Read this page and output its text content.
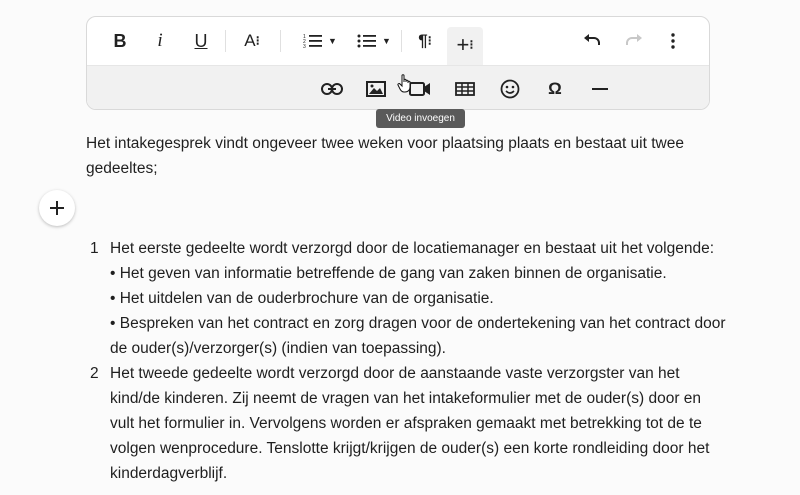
B i U A ⁝	1
2
3
▼	▼ ¶ ⁝ + ⁝
Ω
Video invoegen
Het intakegesprek vindt ongeveer twee weken voor plaatsing plaats en bestaat uit twee gedeeltes;
1 Het eerste gedeelte wordt verzorgd door de locatiemanager en bestaat uit het volgende:
• Het geven van informatie betreffende de gang van zaken binnen de organisatie.
• Het uitdelen van de ouderbrochure van de organisatie.
• Bespreken van het contract en zorg dragen voor de ondertekening van het contract door de ouder(s)/verzorger(s) (indien van toepassing).
2 Het tweede gedeelte wordt verzorgd door de aanstaande vaste verzorgster van het kind/de kinderen. Zij neemt de vragen van het intakeformulier met de ouder(s) door en vult het formulier in. Vervolgens worden er afspraken gemaakt met betrekking tot de te volgen wenprocedure. Tenslotte krijgt/krijgen de ouder(s) een korte rondleiding door het kinderdagverblijf.
